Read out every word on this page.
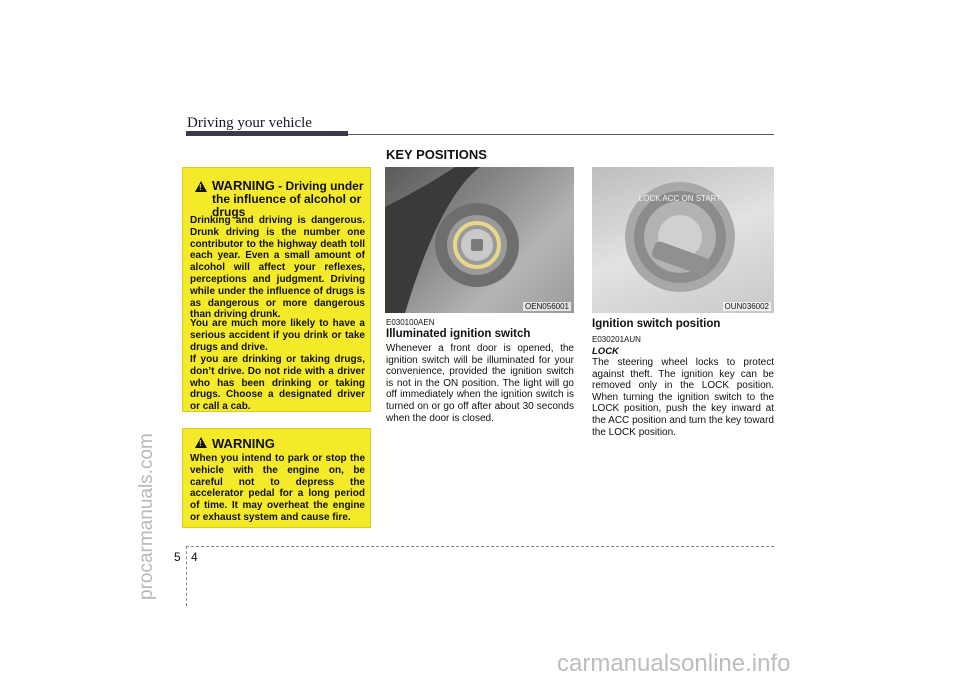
Driving your vehicle
procarmanuals.com
! WARNING - Driving under
the influence of alcohol or
drugs
Drinking and driving is dangerous. Drunk driving is the number one contributor to the highway death toll each year. Even a small amount of alcohol will affect your reflexes, perceptions and judgment. Driving while under the influence of drugs is as dangerous or more dangerous than driving drunk.
You are much more likely to have a serious accident if you drink or take drugs and drive.
If you are drinking or taking drugs, don’t drive. Do not ride with a driver who has been drinking or taking drugs. Choose a designated driver or call a cab.
! WARNING
When you intend to park or stop the vehicle with the engine on, be careful not to depress the accelerator pedal for a long period of time. It may overheat the engine or exhaust system and cause fire.
KEY POSITIONS
OEN056001
LOCK ACC ON START
OUN036002
E030100AEN
Illuminated ignition switch
Whenever a front door is opened, the ignition switch will be illuminated for your convenience, provided the ignition switch is not in the ON position. The light will go off immediately when the ignition switch is turned on or go off after about 30 seconds when the door is closed.
Ignition switch position
E030201AUN
LOCK
The steering wheel locks to protect against theft. The ignition key can be removed only in the LOCK position. When turning the ignition switch to the LOCK position, push the key inward at the ACC position and turn the key toward the LOCK position.
5 4
carmanualsonline.info
